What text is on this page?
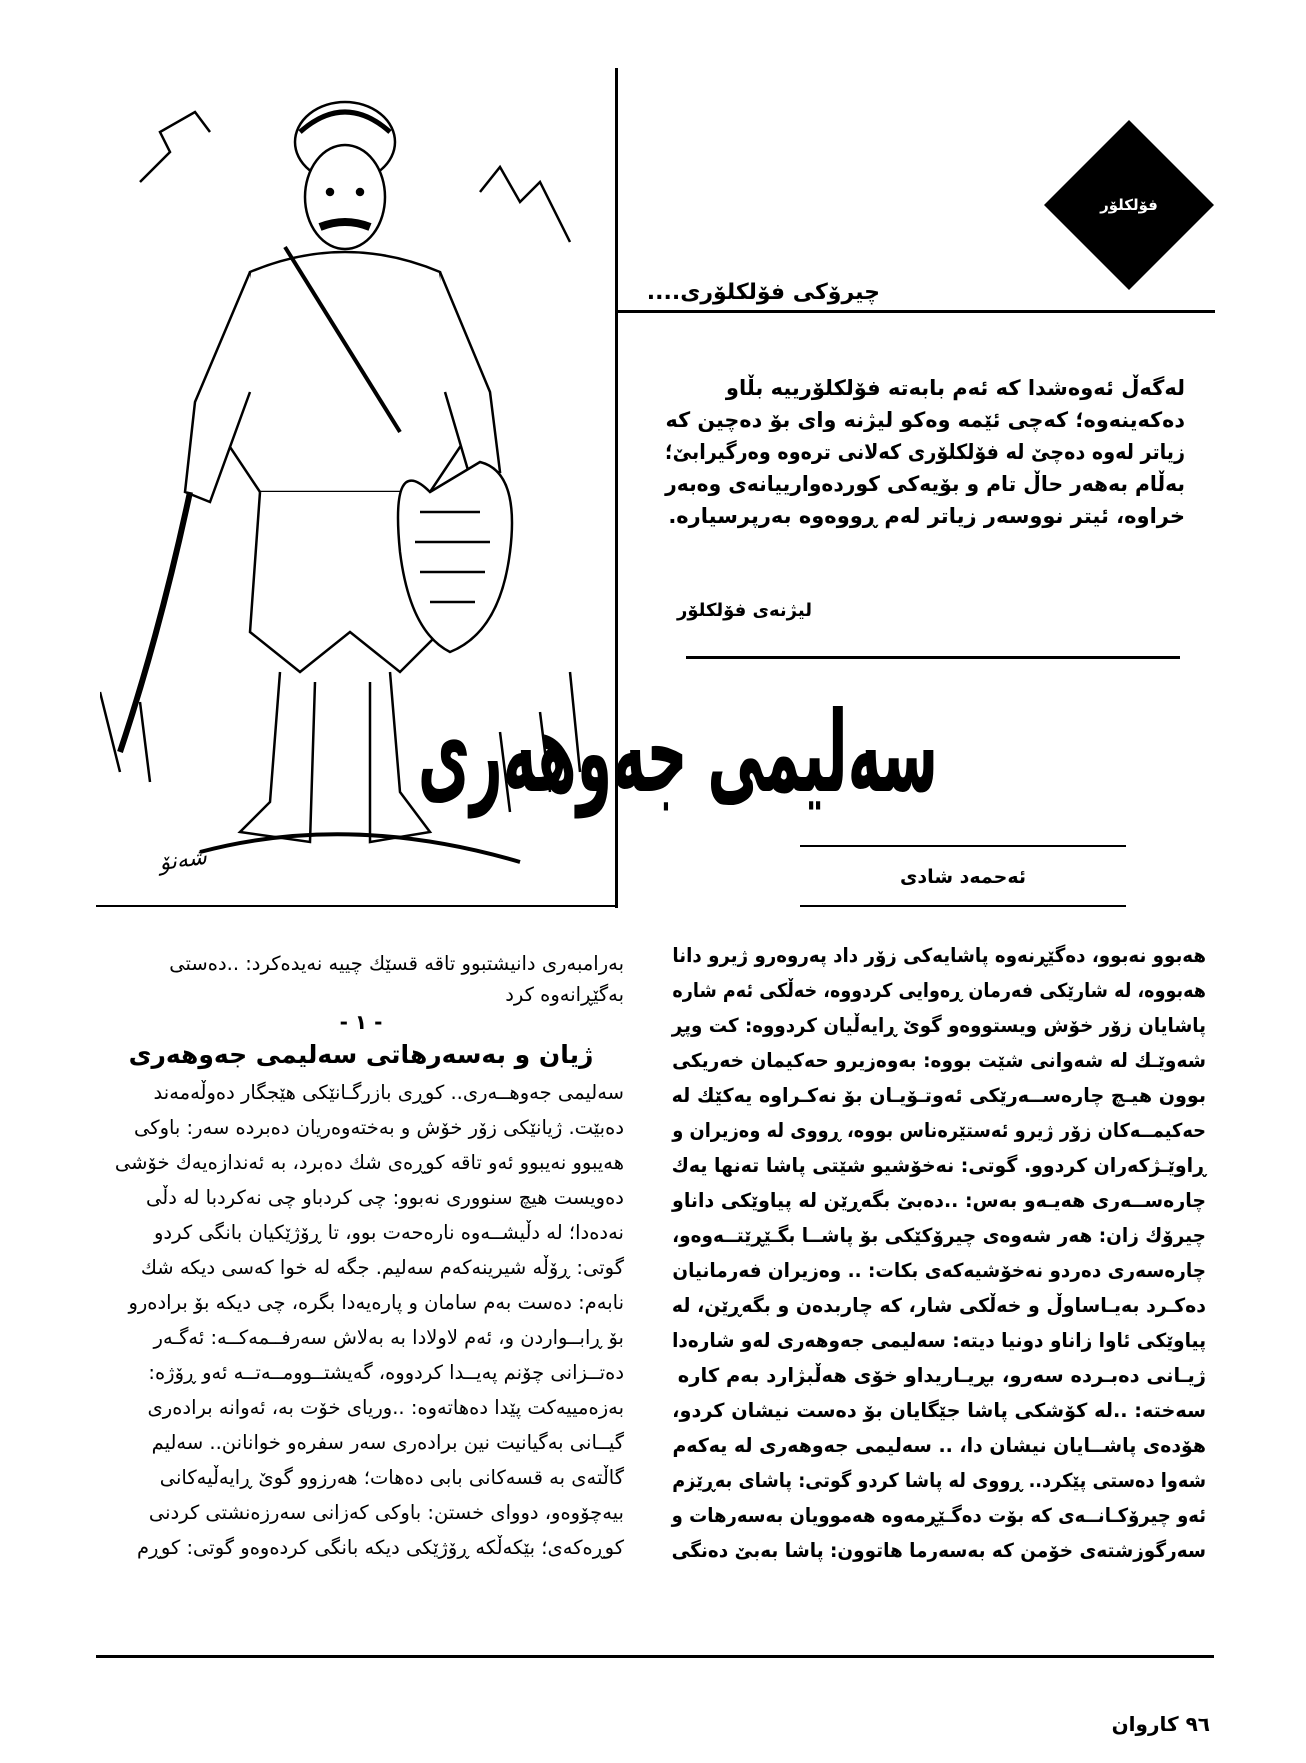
فۆلكلۆر
چیرۆكی فۆلكلۆری....
شەنۆ

لەگەڵ ئەوەشدا كە ئەم بابەتە فۆلكلۆرییە بڵاو

دەكەینەوە؛ كەچی ئێمە وەكو لیژنە وای بۆ دەچین كە

زیاتر لەوە دەچێ لە فۆلكلۆری كەلانی ترەوە وەرگیرابێ؛

بەڵام بەهەر حاڵ تام و بۆیەكی كوردەوارییانەی وەبەر

خراوە، ئیتر نووسەر زیاتر لەم ڕووەوە بەرپرسیارە.

لیژنەی فۆلكلۆر
سەلیمی جەوهەری
ئەحمەد شادی
هەبوو نەبوو، دەگێڕنەوە پاشایەكی زۆر داد پەروەرو ژیرو دانا
هەبووە، لە شارێكی فەرمان ڕەوایی كردووە، خەڵكی ئەم شارە
پاشایان زۆر خۆش ویستووەو گوێ ڕایەڵیان كردووە: كت وپڕ
شەوێـك لە شەوانی شێت بووە: بەوەزیرو حەكیمان خەریكی
بوون هیـچ چارەســەرێكی ئەوتـۆیـان بۆ نەكـراوە یەكێك لە
حەكیمــەكان زۆر ژیرو ئەستێرەناس بووە، ڕووی لە وەزیران و
ڕاوێـژكەران كردوو. گوتی: نەخۆشیو شێتی پاشا تەنها یەك
چارەســەری هەیـەو بەس: ..دەبێ بگەڕێن لە پیاوێكی داناو
چیرۆك زان: هەر شەوەی چیرۆكێكی بۆ پاشــا بگـێڕێتــەوەو،
چارەسەری دەردو نەخۆشیەكەی بكات: .. وەزیران فەرمانیان
دەكـرد بەیـاساوڵ و خەڵكی شار، كە چاربدەن و بگەڕێن، لە
پیاوێكی ئاوا زاناو دونیا دیتە: سەلیمی جەوهەری لەو شارەدا
ژیـانی دەبـردە سەرو، بڕیـاریداو خۆی هەڵبژارد بەم كارە
سەختە: ..لە كۆشكی پاشا جێگایان بۆ دەست نیشان كردو،
هۆدەی پاشــایان نیشان دا، .. سەلیمی جەوهەری لە یەكەم
شەوا دەستی پێكرد.. ڕووی لە پاشا كردو گوتی: پاشای بەڕێزم
ئەو چیرۆكـانــەی كە بۆت دەگـێڕمەوە هەموویان بەسەرهات و
سەرگوزشتەی خۆمن كە بەسەرما هاتوون: پاشا بەبێ دەنگی
بەرامبەری دانیشتبوو تاقە قسێك چییە نەیدەكرد: ..دەستی
بەگێڕانەوە كرد
- ١ -
ژیان و بەسەرهاتی سەلیمی جەوهەری
سەلیمی جەوهــەری.. كوڕی بازرگـانێكی هێجگار دەوڵەمەند
دەبێت. ژیانێكی زۆر خۆش و بەختەوەریان دەبردە سەر: باوكی
هەیبوو نەیبوو ئەو تاقە كوڕەی شك دەبرد، بە ئەندازەیەك خۆشی
دەویست هیچ سنووری نەبوو: چی كردباو چی نەكردبا لە دڵی
نەدەدا؛ لە دڵیشــەوە نارەحەت بوو، تا ڕۆژێكیان بانگی كردو
گوتی: ڕۆڵە شیرینەكەم سەلیم. جگە لە خوا كەسی دیكە شك
نابەم: دەست بەم سامان و پارەیەدا بگرە، چی دیكە بۆ برادەرو
بۆ ڕابــواردن و، ئەم لاولادا بە بەلاش سەرفــمەكــە: ئەگـەر
دەتــزانی چۆنم پەیــدا كردووە، گەیشتــوومــەتــە ئەو ڕۆژە:
بەزەمییەكت پێدا دەهاتەوە: ..وریای خۆت بە، ئەوانە برادەری
گیــانی بەگیانیت نین برادەری سەر سفرەو خوانانن.. سەلیم
گاڵتەی بە قسەكانی بابی دەهات؛ هەرزوو گوێ ڕایەڵیەكانی
بیەچۆوەو، دووای خستن: باوكی كەزانی سەرزەنشتی كردنی
كوڕەكەی؛ بێكەڵكە ڕۆژێكی دیكە بانگی كردەوەو گوتی: كوڕم
٩٦ كاروان
